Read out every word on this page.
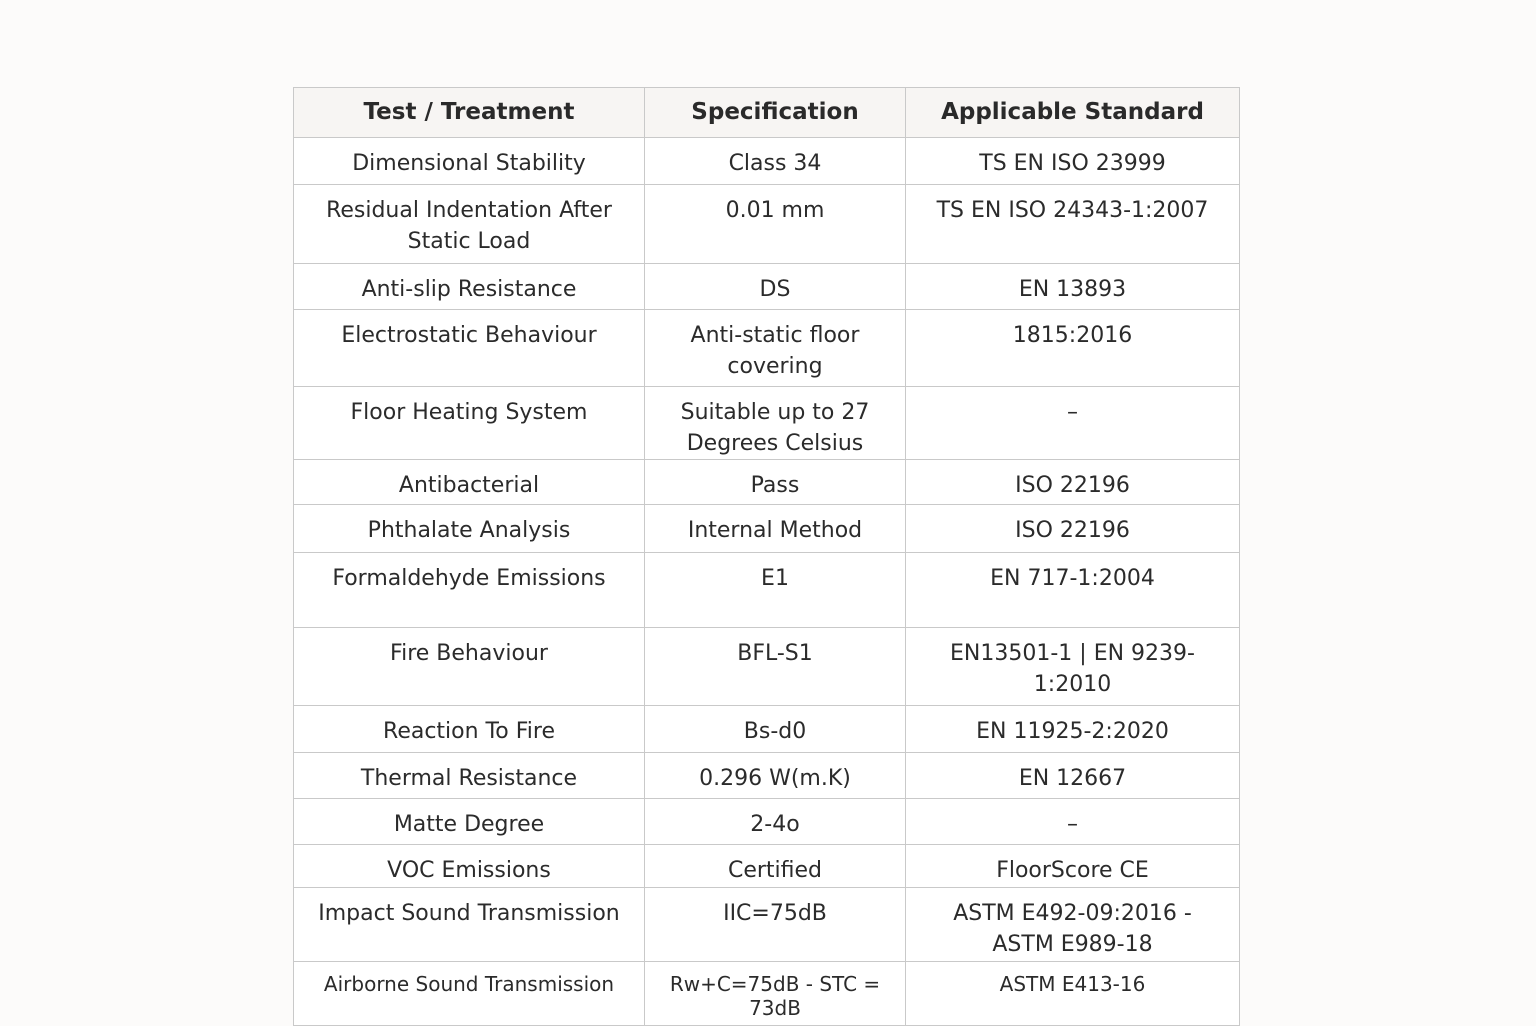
Test / Treatment	Specification	Applicable Standard
Dimensional Stability	Class 34	TS EN ISO 23999
Residual Indentation After Static Load	0.01 mm	TS EN ISO 24343-1:2007
Anti-slip Resistance	DS	EN 13893
Electrostatic Behaviour	Anti-static floor covering	1815:2016
Floor Heating System	Suitable up to 27 Degrees Celsius	–
Antibacterial	Pass	ISO 22196
Phthalate Analysis	Internal Method	ISO 22196
Formaldehyde Emissions	E1	EN 717-1:2004
Fire Behaviour	BFL-S1	EN13501-1 | EN 9239-1:2010
Reaction To Fire	Bs-d0	EN 11925-2:2020
Thermal Resistance	0.296 W(m.K)	EN 12667
Matte Degree	2-4o	–
VOC Emissions	Certified	FloorScore CE
Impact Sound Transmission	IIC=75dB	ASTM E492-09:2016 - ASTM E989-18
Airborne Sound Transmission	Rw+C=75dB - STC = 73dB	ASTM E413-16
